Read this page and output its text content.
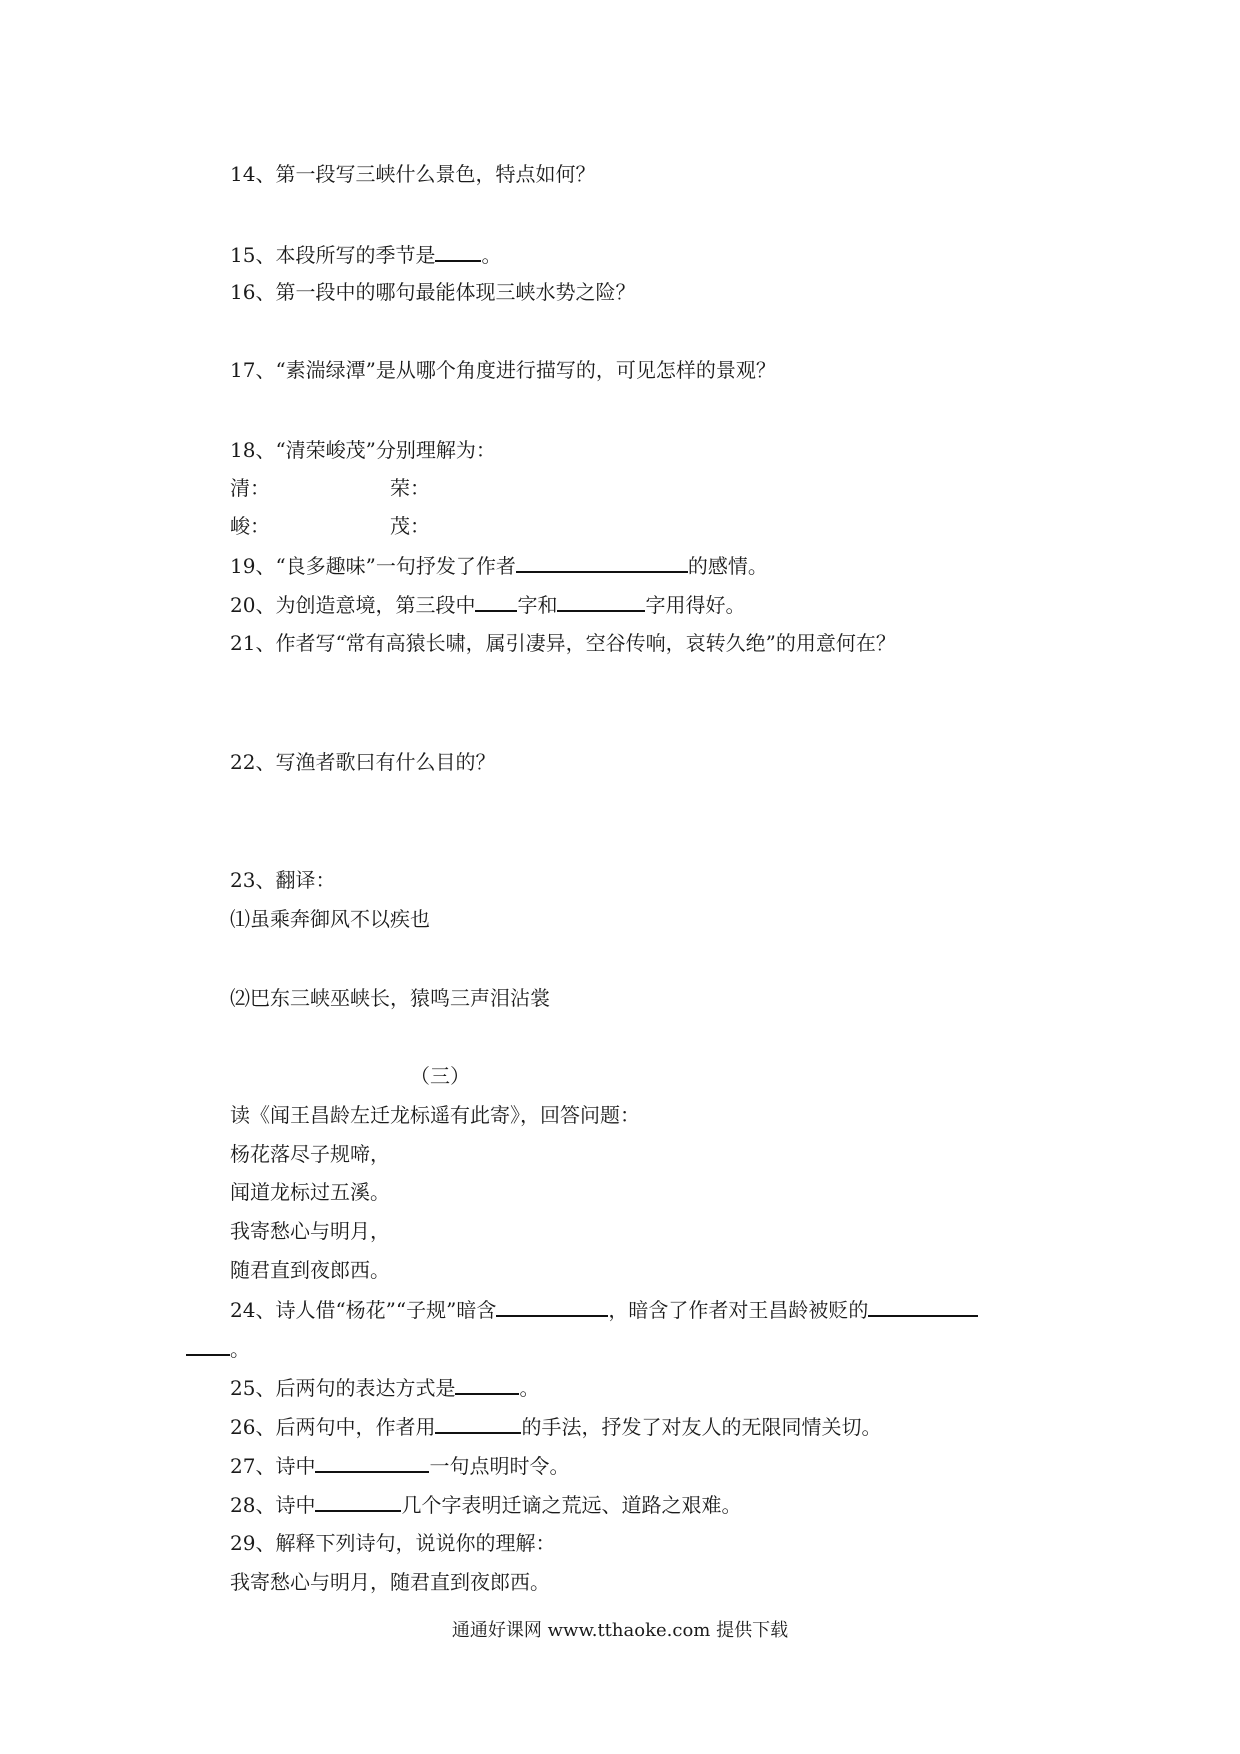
14、第一段写三峡什么景色，特点如何？
15、本段所写的季节是 。
16、第一段中的哪句最能体现三峡水势之险？
17、“素湍绿潭”是从哪个角度进行描写的，可见怎样的景观？
18、“清荣峻茂”分别理解为：
清：	荣：
峻：	茂：
19、“良多趣味”一句抒发了作者	的感情。
20、为创造意境，第三段中 字和	字用得好。
21、作者写“常有高猿长啸，属引凄异，空谷传响，哀转久绝”的用意何在？
22、写渔者歌曰有什么目的？
23、翻译：
⑴虽乘奔御风不以疾也
⑵巴东三峡巫峡长，猿鸣三声泪沾裳
（三）
读《闻王昌龄左迁龙标遥有此寄》，回答问题：
杨花落尽子规啼，
闻道龙标过五溪。
我寄愁心与明月，
随君直到夜郎西。
24、诗人借“杨花”“子规”暗含	，暗含了作者对王昌龄被贬的
。
25、后两句的表达方式是	。
26、后两句中，作者用	的手法，抒发了对友人的无限同情关切。
27、诗中	一句点明时令。
28、诗中	几个字表明迁谪之荒远、道路之艰难。
29、解释下列诗句，说说你的理解：
我寄愁心与明月，随君直到夜郎西。
通通好课网 www.tthaoke.com 提供下载
